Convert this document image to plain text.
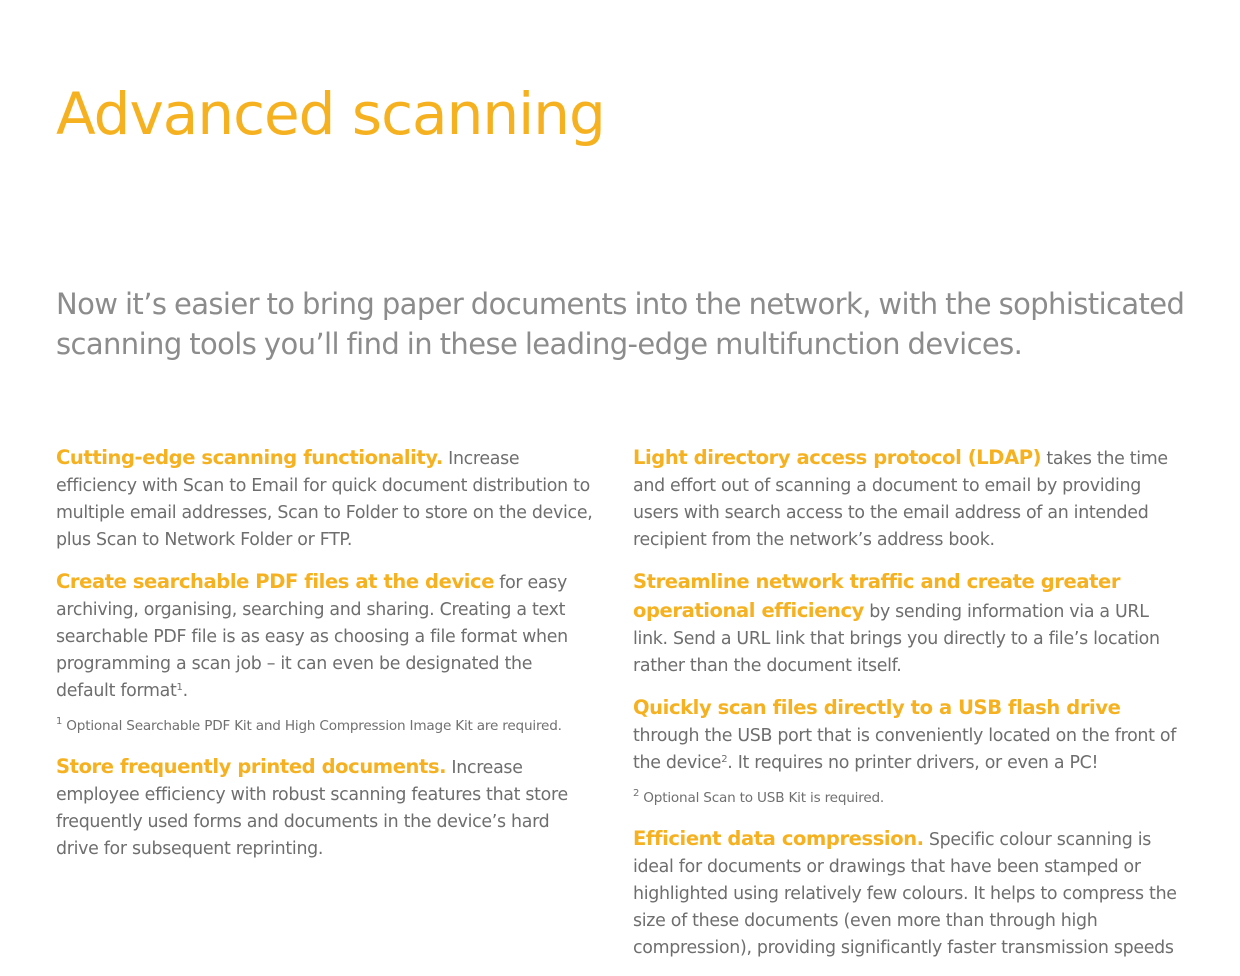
Advanced scanning

Now it’s easier to bring paper documents into the network, with the sophisticated scanning tools you’ll find in these leading-edge multifunction devices.

Cutting-edge scanning functionality. Increase efficiency with Scan to Email for quick document distribution to multiple email addresses, Scan to Folder to store on the device, plus Scan to Network Folder or FTP.

Create searchable PDF files at the device for easy archiving, organising, searching and sharing. Creating a text searchable PDF file is as easy as choosing a file format when programming a scan job – it can even be designated the default format$^1$.

$^1$ Optional Searchable PDF Kit and High Compression Image Kit are required.

Store frequently printed documents. Increase employee efficiency with robust scanning features that store frequently used forms and documents in the device’s hard drive for subsequent reprinting.

Light directory access protocol (LDAP) takes the time and effort out of scanning a document to email by providing users with search access to the email address of an intended recipient from the network’s address book.

Streamline network traffic and create greater operational efficiency by sending information via a URL link. Send a URL link that brings you directly to a file’s location rather than the document itself.

Quickly scan files directly to a USB flash drive through the USB port that is conveniently located on the front of the device$^2$. It requires no printer drivers, or even a PC!

$^2$ Optional Scan to USB Kit is required.

Efficient data compression. Specific colour scanning is ideal for documents or drawings that have been stamped or highlighted using relatively few colours. It helps to compress the size of these documents (even more than through high compression), providing significantly faster transmission speeds
